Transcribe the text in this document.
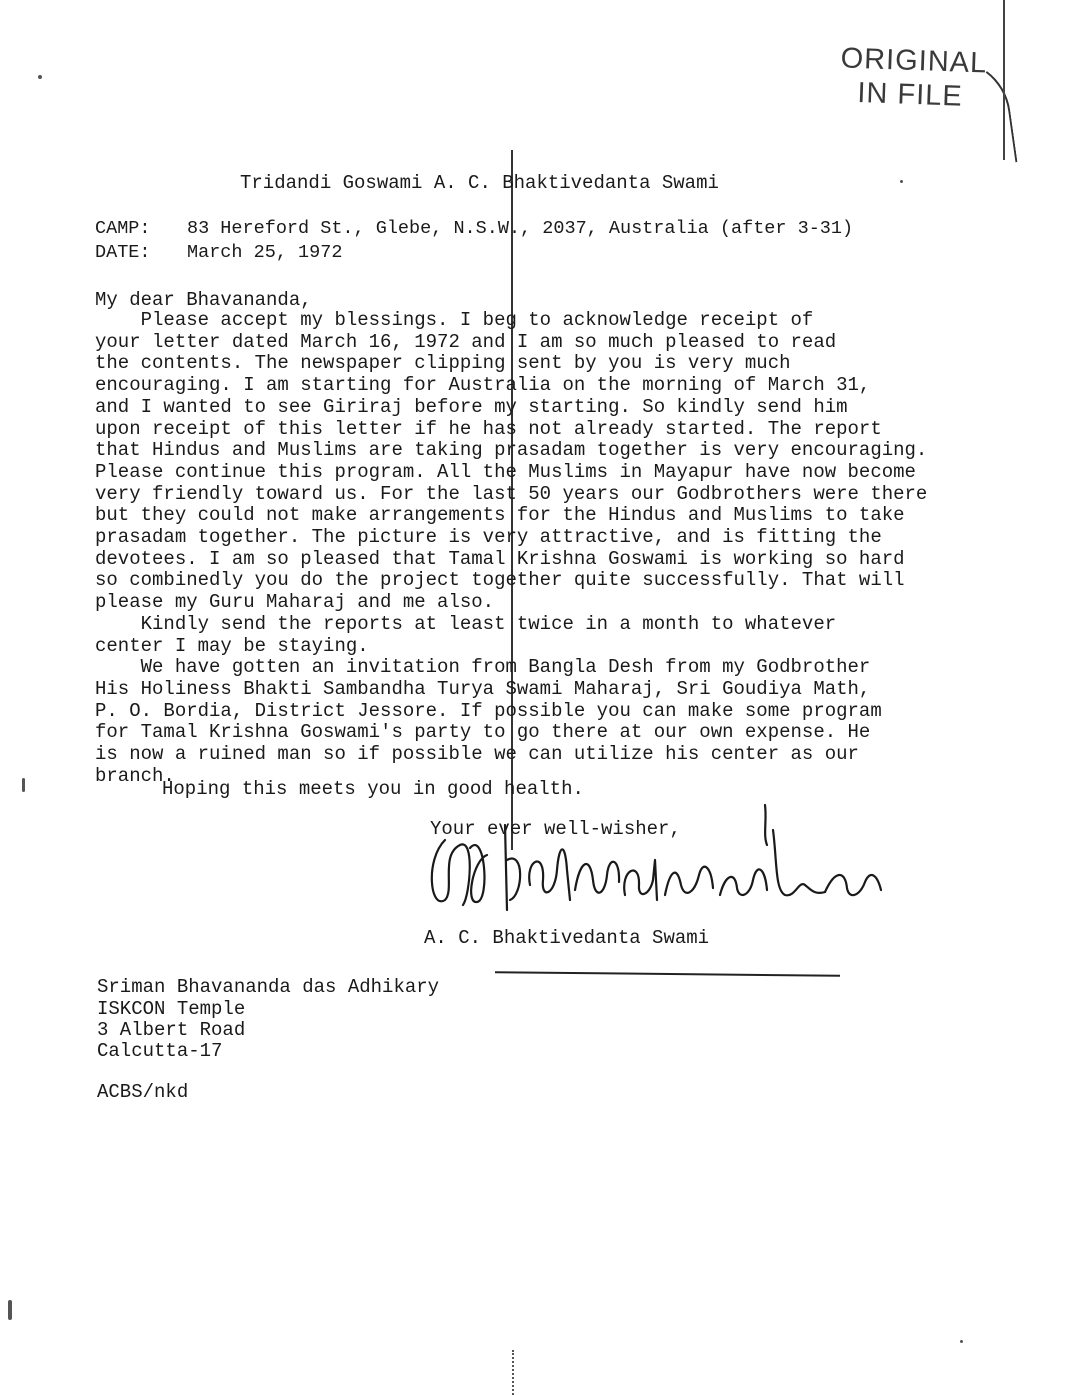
ORIGINAL
IN FILE
Tridandi Goswami A. C. Bhaktivedanta Swami
CAMP: 83 Hereford St., Glebe, N.S.W., 2037, Australia (after 3-31)
DATE: March 25, 1972
My dear Bhavananda,
Please accept my blessings. I beg to acknowledge receipt of
your letter dated March 16, 1972 and I am so much pleased to read
the contents. The newspaper clipping sent by you is very much
encouraging. I am starting for Australia on the morning of March 31,
and I wanted to see Giriraj before my starting. So kindly send him
upon receipt of this letter if he has not already started. The report
that Hindus and Muslims are taking prasadam together is very encouraging.
Please continue this program. All the Muslims in Mayapur have now become
very friendly toward us. For the last 50 years our Godbrothers were there
but they could not make arrangements for the Hindus and Muslims to take
prasadam together. The picture is very attractive, and is fitting the
devotees. I am so pleased that Tamal Krishna Goswami is working so hard
so combinedly you do the project together quite successfully. That will
please my Guru Maharaj and me also.
Kindly send the reports at least twice in a month to whatever
center I may be staying.
We have gotten an invitation from Bangla Desh from my Godbrother
His Holiness Bhakti Sambandha Turya Swami Maharaj, Sri Goudiya Math,
P. O. Bordia, District Jessore. If possible you can make some program
for Tamal Krishna Goswami's party to go there at our own expense. He
is now a ruined man so if possible we can utilize his center as our
branch.
Hoping this meets you in good health.
Your ever well-wisher,
A. C. Bhaktivedanta Swami
Sriman Bhavananda das Adhikary
ISKCON Temple
3 Albert Road
Calcutta-17
ACBS/nkd
